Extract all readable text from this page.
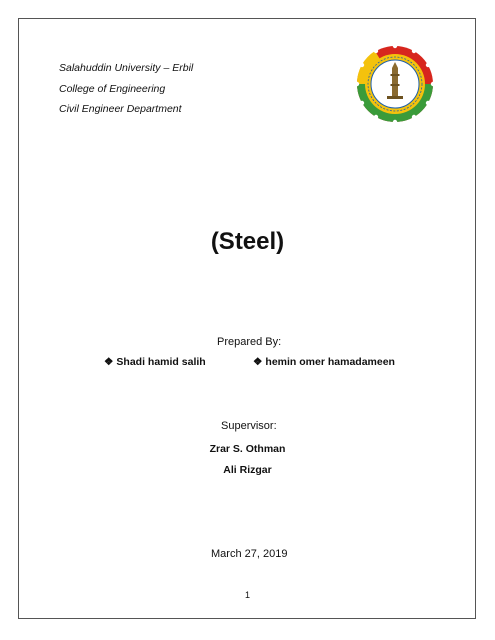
Salahuddin University – Erbil

College of Engineering

Civil Engineer Department

(Steel)
Prepared By:
❖ Shadi hamid salih	❖ hemin omer hamadameen
Supervisor:
Zrar S. Othman
Ali Rizgar
March 27, 2019
1
